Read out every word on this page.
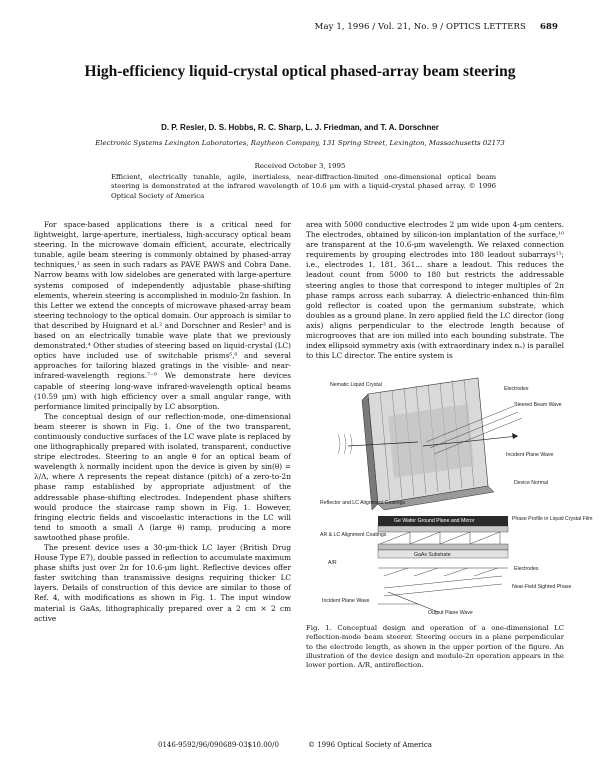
May 1, 1996 / Vol. 21, No. 9 / OPTICS LETTERS 689
High-efficiency liquid-crystal optical phased-array beam steering
D. P. Resler, D. S. Hobbs, R. C. Sharp, L. J. Friedman, and T. A. Dorschner
Electronic Systems Lexington Laboratories, Raytheon Company, 131 Spring Street, Lexington, Massachusetts 02173
Received October 3, 1995
Efficient, electrically tunable, agile, inertialess, near-diffraction-limited one-dimensional optical beam steering is demonstrated at the infrared wavelength of 10.6 μm with a liquid-crystal phased array. © 1996 Optical Society of America

For space-based applications there is a critical need for lightweight, large-aperture, inertialess, high-accuracy optical beam steering. In the microwave domain efficient, accurate, electrically tunable, agile beam steering is commonly obtained by phased-array techniques,¹ as seen in such radars as PAVE PAWS and Cobra Dane. Narrow beams with low sidelobes are generated with large-aperture systems composed of independently adjustable phase-shifting elements, wherein steering is accomplished in modulo-2π fashion. In this Letter we extend the concepts of microwave phased-array beam steering technology to the optical domain. Our approach is similar to that described by Huignard et al.² and Dorschner and Resler³ and is based on an electrically tunable wave plate that we previously demonstrated.⁴ Other studies of steering based on liquid-crystal (LC) optics have included use of switchable prisms⁵,⁶ and several approaches for tailoring blazed gratings in the visible- and near-infrared-wavelength regions.⁷⁻⁹ We demonstrate here devices capable of steering long-wave infrared-wavelength optical beams (10.59 μm) with high efficiency over a small angular range, with performance limited principally by LC absorption.

The conceptual design of our reflection-mode, one-dimensional beam steerer is shown in Fig. 1. One of the two transparent, continuously conductive surfaces of the LC wave plate is replaced by one lithographically prepared with isolated, transparent, conductive stripe electrodes. Steering to an angle θ for an optical beam of wavelength λ normally incident upon the device is given by sin(θ) = λ/Λ, where Λ represents the repeat distance (pitch) of a zero-to-2π phase ramp established by appropriate adjustment of the addressable phase-shifting electrodes. Independent phase shifters would produce the staircase ramp shown in Fig. 1. However, fringing electric fields and viscoelastic interactions in the LC will tend to smooth a small Λ (large θ) ramp, producing a more sawtoothed phase profile.

The present device uses a 30-μm-thick LC layer (British Drug House Type E7), double passed in reflection to accumulate maximum phase shifts just over 2π for 10.6-μm light. Reflective devices offer faster switching than transmissive designs requiring thicker LC layers. Details of construction of this device are similar to those of Ref. 4, with modifications as shown in Fig. 1. The input window material is GaAs, lithographically prepared over a 2 cm × 2 cm active

area with 5000 conductive electrodes 2 μm wide upon 4-μm centers. The electrodes, obtained by silicon-ion implantation of the surface,¹⁰ are transparent at the 10.6-μm wavelength. We relaxed connection requirements by grouping electrodes into 180 leadout subarrays¹¹; i.e., electrodes 1, 181, 361... share a leadout. This reduces the leadout count from 5000 to 180 but restricts the addressable steering angles to those that correspond to integer multiples of 2π phase ramps across each subarray. A dielectric-enhanced thin-film gold reflector is coated upon the germanium substrate, which doubles as a ground plane. In zero applied field the LC director (long axis) aligns perpendicular to the electrode length because of microgrooves that are ion milled into each bounding substrate. The index ellipsoid symmetry axis (with extraordinary index nₑ) is parallel to this LC director. The entire system is

Nematic Liquid Crystal
Electrodes
Steered Beam Wave
Incident Plane Wave
Device Normal
Reflector and LC Alignment Coatings
Ge Wafer Ground Plane and Mirror	Phase Profile in Liquid Crystal Film
AR & LC Alignment Coatings
GaAs Substrate
A/R
Electrodes
Near-Field Sighted Phase
Incident Plane Wave
Output Plane Wave
Fig. 1. Conceptual design and operation of a one-dimensional LC reflection-mode beam steerer. Steering occurs in a plane perpendicular to the electrode length, as shown in the upper portion of the figure. An illustration of the device design and modulo-2π operation appears in the lower portion. A/R, antireflection.
0146-9592/96/090689-03$10.00/0	© 1996 Optical Society of America
